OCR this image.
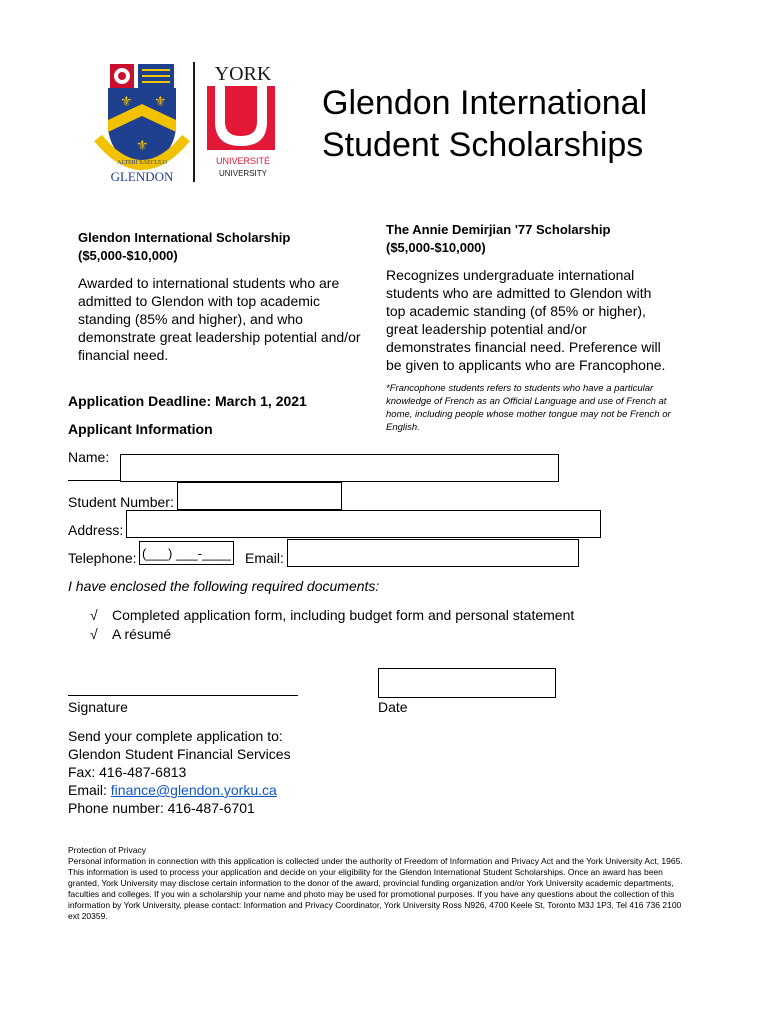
⚜ ⚜
⚜
ALTERI SAECULO
GLENDON
YORK
UNIVERSITÉ
UNIVERSITY
Glendon International
Student Scholarships
Glendon International Scholarship ($5,000-$10,000)
Awarded to international students who are admitted to Glendon with top academic standing (85% and higher), and who demonstrate great leadership potential and/or financial need.
The Annie Demirjian '77 Scholarship ($5,000-$10,000)
Recognizes undergraduate international students who are admitted to Glendon with top academic standing (of 85% or higher), great leadership potential and/or demonstrates financial need. Preference will be given to applicants who are Francophone.
*Francophone students refers to students who have a particular knowledge of French as an Official Language and use of French at home, including people whose mother tongue may not be French or English.
Application Deadline: March 1, 2021
Applicant Information
Name:
Student Number:
Address:
Telephone: (___) ___-____ Email:
I have enclosed the following required documents:
√ Completed application form, including budget form and personal statement
√ A résumé
Signature	Date
Send your complete application to:
Glendon Student Financial Services
Fax: 416-487-6813
Email: finance@glendon.yorku.ca
Phone number: 416-487-6701
Protection of Privacy
Personal information in connection with this application is collected under the authority of Freedom of Information and Privacy Act and the York University Act, 1965. This information is used to process your application and decide on your eligibility for the Glendon International Student Scholarships. Once an award has been granted, York University may disclose certain information to the donor of the award, provincial funding organization and/or York University academic departments, faculties and colleges. If you win a scholarship your name and photo may be used for promotional purposes. If you have any questions about the collection of this information by York University, please contact: Information and Privacy Coordinator, York University Ross N926, 4700 Keele St, Toronto M3J 1P3, Tel 416 736 2100 ext 20359.
